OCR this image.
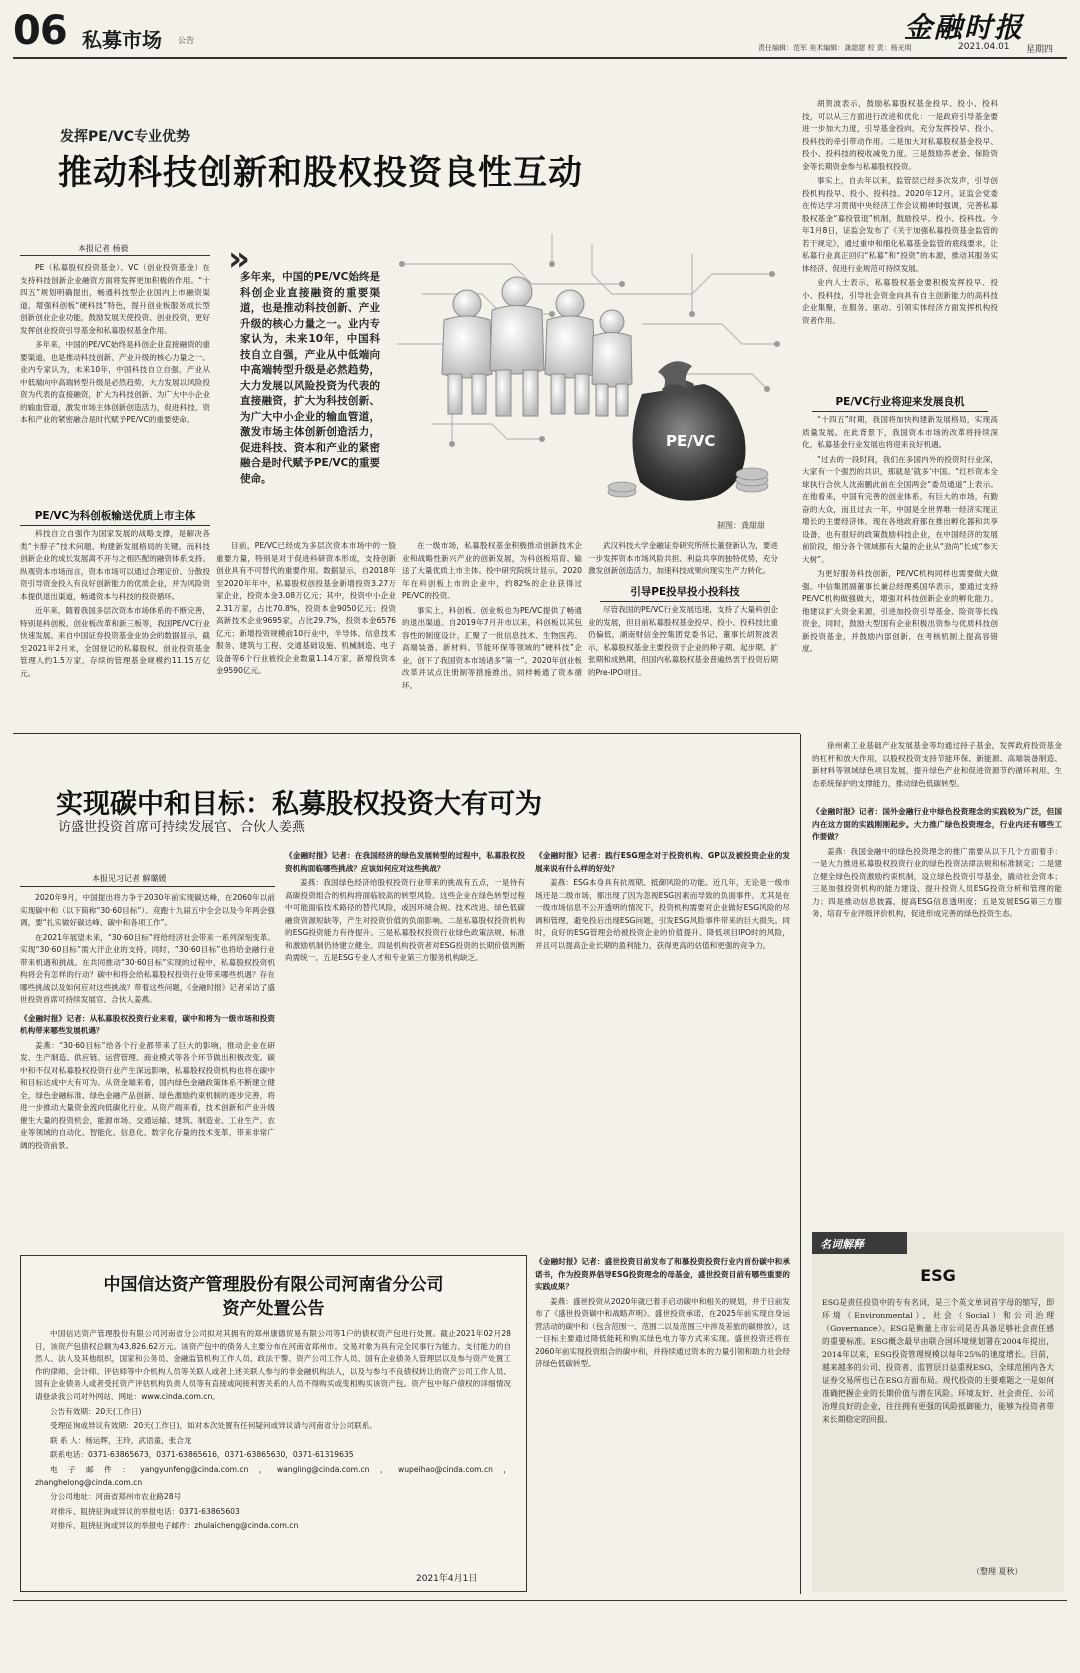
06 私募市场 公告	金融时报
责任编辑：范军 美术编辑：龚甜甜 校 责：杨光明	2021.04.01 星期四
发挥PE/VC专业优势
推动科技创新和股权投资良性互动
本报记者 杨毅

PE（私募股权投资基金）、VC（创业投资基金）在支持科技创新企业融资方面将发挥更加积极的作用。“十四五”规划明确提出，畅通科技型企业国内上市融资渠道，增强科创板“硬科技”特色，提升创业板服务成长型创新创业企业功能，鼓励发展天使投资、创业投资，更好发挥创业投资引导基金和私募股权基金作用。

多年来，中国的PE/VC始终是科创企业直接融资的重要渠道，也是推动科技创新、产业升级的核心力量之一。业内专家认为，未来10年，中国科技自立自强，产业从中低端向中高端转型升级是必然趋势，大力发展以风险投资为代表的直接融资，扩大为科技创新、为广大中小企业的输血管道，激发市场主体创新创造活力，促进科技、资本和产业的紧密融合是时代赋予PE/VC的重要使命。

»
多年来，中国的PE/VC始终是科创企业直接融资的重要渠道，也是推动科技创新、产业升级的核心力量之一。业内专家认为，未来10年，中国科技自立自强，产业从中低端向中高端转型升级是必然趋势，大力发展以风险投资为代表的直接融资，扩大为科技创新、为广大中小企业的输血管道，激发市场主体创新创造活力，促进科技、资本和产业的紧密融合是时代赋予PE/VC的重要使命。
PE/VC
制图：龚甜甜
PE/VC为科创板输送优质上市主体

科技自立自强作为国家发展的战略支撑，是解决各类“卡脖子”技术问题、构建新发展格局的关键。而科技创新企业的成长发展离不开与之相匹配的融资体系支持。纵观资本市场而言，资本市场可以通过合理定价、分散投资引导资金投入有良好创新能力的优质企业，并为风险资本提供退出渠道，畅通资本与科技的投资循环。

近年来，随着我国多层次资本市场体系的不断完善，特别是科创板、创业板改革和新三板等，我国PE/VC行业快速发展。来自中国证券投资基金业协会的数据显示，截至2021年2月末，全国登记的私募股权、创业投资基金管理人约1.5万家，存续的管理基金规模约11.15万亿元。

目前，PE/VC已经成为多层次资本市场中的一股重要力量，特别是对于促进科研资本形成，支持创新创业具有不可替代的重要作用。数据显示，自2018年至2020年年中，私募股权创投基金新增投资3.27万家企业，投资本金3.08万亿元；其中，投资中小企业2.31万家，占比70.8%，投资本金9050亿元；投资高新技术企业9695家，占比29.7%，投资本金6576亿元；新增投资规模前10行业中，半导体、信息技术服务、建筑与工程、交通基础设施、机械制造、电子设备等6个行业被投企业数量1.14万家，新增投资本金9590亿元。

在一级市场，私募股权基金积极推动创新技术企业和战略性新兴产业的创新发展，为科创板培育、输送了大量优质上市主体。投中研究院统计显示，2020年在科创板上市的企业中，约82%的企业获得过PE/VC的投资。

事实上，科创板、创业板也为PE/VC提供了畅通的退出渠道。自2019年7月开市以来，科创板以其包容性的制度设计，汇聚了一批信息技术、生物医药、高端装备、新材料、节能环保等领域的“硬科技”企业，创下了我国资本市场诸多“第一”。2020年创业板改革并试点注册制等措施推出，同样畅通了资本循环。

武汉科技大学金融证券研究所所长董登新认为，要进一步发挥资本市场风险共担、利益共享的独特优势，充分激发创新创造活力，加速科技成果向现实生产力转化。

引导PE投早投小投科技

尽管我国的PE/VC行业发展迅速，支持了大量科创企业的发展，但目前私募股权基金投早、投小、投科技比重仍偏低，湖南财信金控集团党委书记、董事长胡贺波表示，私募股权基金主要投资于企业的种子期、起步期、扩张期和成熟期，但国内私募股权基金普遍热衷于投资后期的Pre-IPO项目。

胡贺波表示，鼓励私募股权基金投早、投小、投科技，可以从三方面进行改进和优化：一是政府引导基金要进一步加大力度，引导基金投向，充分发挥投早、投小、投科技的牵引带动作用。二是加大对私募股权基金投早、投小、投科技的税收减免力度。三是鼓励养老金、保险资金等长期资金参与私募股权投资。

事实上，自去年以来，监管层已经多次发声，引导创投机构投早、投小、投科技。2020年12月，证监会党委在传达学习贯彻中央经济工作会议精神时强调，完善私募股权基金“募投管退”机制，鼓励投早、投小、投科技。今年1月8日，证监会发布了《关于加强私募投资基金监管的若干规定》，通过重申和细化私募基金监管的底线要求，让私募行业真正回归“私募”和“投资”的本源，推动其服务实体经济、促进行业规范可持续发展。

业内人士表示，私募股权基金要积极发挥投早、投小、投科技，引导社会资金向具有自主创新能力的高科技企业集聚，在服务、驱动、引领实体经济方面发挥机构投资者作用。

PE/VC行业将迎来发展良机

“十四五”时期，我国将加快构建新发展格局，实现高质量发展。在此背景下，我国资本市场的改革将持续深化，私募基金行业发展也将迎来良好机遇。

“过去的一段时间，我们在多国内外的投资时行业深，大家有一个强烈的共识，那就是‘就多’中国。“红杉资本全球执行合伙人沈南鹏此前在全国两会“委员通道”上表示。在他看来，中国有完善的创业体系，有巨大的市场，有勤奋的大众，而且过去一年，中国是全世界唯一经济实现正增长的主要经济体。现在各地政府都在推出孵化器和共享设备，也有很好的政策鼓励科技企业，在中国经济的发展前阶段，细分各个领域都有大量的企业从“劲尚”长成“参天大树”。

为更好服务科技创新，PE/VC机构同样也需要做大做强。中信集团副董事长兼总经理奚国华表示，要通过支持PE/VC机构做强做大，增强对科技创新企业的孵化能力。他建议扩大资金来源，引进加投资引导基金、险资等长线资金，同时，鼓励大型国有企业积极出资参与优质科技创新投资基金，并鼓励内部创新，在考核机制上提高容错度。

实现碳中和目标：私募股权投资大有可为
访盛世投资首席可持续发展官、合伙人姜燕
本报见习记者 解璐媛

2020年9月，中国提出将力争于2030年前实现碳达峰，在2060年以前实现碳中和（以下简称“30·60目标”）。竞跑十九届五中全会以及今年两会强调，要“扎实做好碳达峰、碳中和各项工作”。

在2021年展望未来，“30·60目标”将给经济社会带来一系列深刻变革。实现“30·60目标”需大汗企业的支持，同时，“30·60目标”也将给金融行业带来机遇和挑战。在共同推动“30·60目标”实现的过程中，私募股权投资机构将会有怎样的行动？碳中和将会给私募股权投资行业带来哪些机遇？存在哪些挑战以及如何应对这些挑战？带着这些问题，《金融时报》记者采访了盛世投资首席可持续发展官、合伙人姜燕。

《金融时报》记者：从私募股权投资行业来看，碳中和将为一级市场和投资机构带来哪些发展机遇？

姜燕：“30·60目标”给各个行业都带来了巨大的影响，推动企业在研发、生产制造、供应链、运营管理、商业模式等各个环节做出积极改变。碳中和不仅对私募股权投资行业产生深远影响，私募股权投资机构也将在碳中和目标达成中大有可为。从资金端来看，国内绿色金融政策体系不断建立健全，绿色金融标准、绿色金融产品创新、绿色激励约束机制的逐步完善，将进一步推动大量资金流向低碳化行业。从资产端来看，技术创新和产业升级催生大量的投资机会，能源市场、交通运输、建筑、制造业、工业生产、农业等领域的自动化、智能化、信息化、数字化存量的技术变革，带来非常广阔的投资前景。

《金融时报》记者：在我国经济的绿色发展转型的过程中，私募股权投资机构面临哪些挑战？应该如何应对这些挑战？

姜燕：我国绿色经济给股权投资行业带来的挑战有五点，一是待有高碳投资组合的机构将面临较高的转型风险。这些企业在绿色转型过程中可能面临技术路径的替代风险，或因环境合规、技术改进、绿色低碳融资资源短缺等，产生对投资价值的负面影响。二是私募股权投资机构的ESG投资能力有待提升。三是私募股权投资行业绿色政策法规、标准和激励机制仍待建立健全。四是机构投资者对ESG投资的长期价值判断尚需统一。五是ESG专业人才和专业第三方服务机构缺乏。

《金融时报》记者：践行ESG理念对于投资机构、GP以及被投资企业的发展来说有什么样的好处？

姜燕：ESG本身具有抗周期、抵御风险的功能。近几年，无论是一级市场还是二级市场，都出现了因为忽视ESG因素而导致的负面事件。尤其是在一级市场信息不公开透明的情况下，投资机构需要对企业做好ESG风险的尽调和管理，避免投后出现ESG问题，引发ESG风险事件带来的巨大损失。同时，良好的ESG管理会给被投资企业的价值提升、降低项目IPO时的风险，并且可以提高企业长期的盈利能力，获得更高的估值和更强的竞争力。

《金融时报》记者：盛世投资目前发布了和慕投资投资行业内首份碳中和承诺书，作为投资界倡导ESG投资理念的母基金，盛世投资目前有哪些重要的实践成果？

姜燕：盛世投资从2020年就已着手启动碳中和相关的规划，并于日前发布了《盛世投资碳中和战略声明》。盛世投资承诺，在2025年前实现自身运营活动的碳中和（包含范围一、范围二以及范围三中涉及差旅的碳排放），这一目标主要通过降低能耗和购买绿色电力等方式来实现。盛世投资还将在2060年前实现投资组合的碳中和，并持续通过资本的力量引领和助力社会经济绿色低碳转型。

徐州素工业基础产业发展基金等均通过持子基金，发挥政府投资基金的杠杆和放大作用，以股权投资支持节能环保、新能源、高端装备制造、新材料等领域绿色项目发展，提升绿色产业和促进资源节约循环利用、生态系统保护的支撑能力，推动绿色低碳转型。

《金融时报》记者：国外金融行业中绿色投资理念的实践较为广泛，但国内在这方面的实践刚刚起步。大力推广绿色投资理念，行业内还有哪些工作要做？

姜燕：我国金融中的绿色投资理念的推广需要从以下几个方面着手：一是大力推进私募股权投资行业的绿色投资法律法规和标准制定；二是建立健全绿色投资激励约束机制，设立绿色投资引导基金，撬动社会资本；三是加强投资机构的能力建设，提升投资人员ESG投资分析和管理的能力；四是推动信息披露，提高ESG信息透明度；五是发展ESG第三方服务，培育专业评级评价机构，促进形成完善的绿色投资生态。

名词解释
ESG
ESG是责任投资中的专有名词，是三个英文单词首字母的缩写，即环境（Environmental）、社会（Social）和公司治理（Governance）。ESG是衡量上市公司是否具备足够社会责任感的重要标准。ESG概念最早由联合国环境规划署在2004年提出，2014年以来，ESG投资管理规模以每年25%的速度增长。目前，越来越多的公司、投资者、监管层日益重视ESG，全球范围内各大证券交易所也已在ESG方面布局。现代投资的主要难题之一是如何准确把握企业的长期价值与潜在风险。环境友好、社会责任、公司治理良好的企业，往往拥有更强的风险抵御能力，能够为投资者带来长期稳定的回报。
（整理 夏秋）
中国信达资产管理股份有限公司河南省分公司
资产处置公告

中国信达资产管理股份有限公司河南省分公司拟对其拥有的郑州康德贸易有限公司等1户的债权资产包进行处置。截止2021年02月28日，该资产包债权总额为43,826.62万元。该资产包中的债务人主要分布在河南省郑州市。交易对象为具有完全民事行为能力、支付能力的自然人、法人及其他组织，国家和公务员、金融监管机构工作人员、政法干警、资产公司工作人员、国有企业债务人管理层以及参与资产处置工作的律师、会计师、评估师等中介机构人员等关联人或者上述关联人参与的非金融机构法人，以及与参与不良债权转让的资产公司工作人员、国有企业债务人或者受托资产评估机构负责人员等有直接或间接利害关系的人员不得购买或变相购买该资产包。资产包中每户债权的详细情况请登录我公司对外网站，网址：www.cinda.com.cn。

公告有效期：20天(工作日)

受理征询或异议有效期：20天(工作日)，如对本次处置有任何疑问或异议请与河南省分公司联系。

联 系 人：杨运辉，王玲，武语童，张合龙

联系电话：0371-63865673，0371-63865616，0371-63865630，0371-61319635

电子邮件：yangyunfeng@cinda.com.cn，wangling@cinda.com.cn，wupeihao@cinda.com.cn，zhanghelong@cinda.com.cn

分公司地址：河南省郑州市农业路28号

对排斥、阻挠征询或异议的举报电话：0371-63865603

对排斥、阻挠征询或异议的举报电子邮件：zhulaicheng@cinda.com.cn

2021年4月1日
